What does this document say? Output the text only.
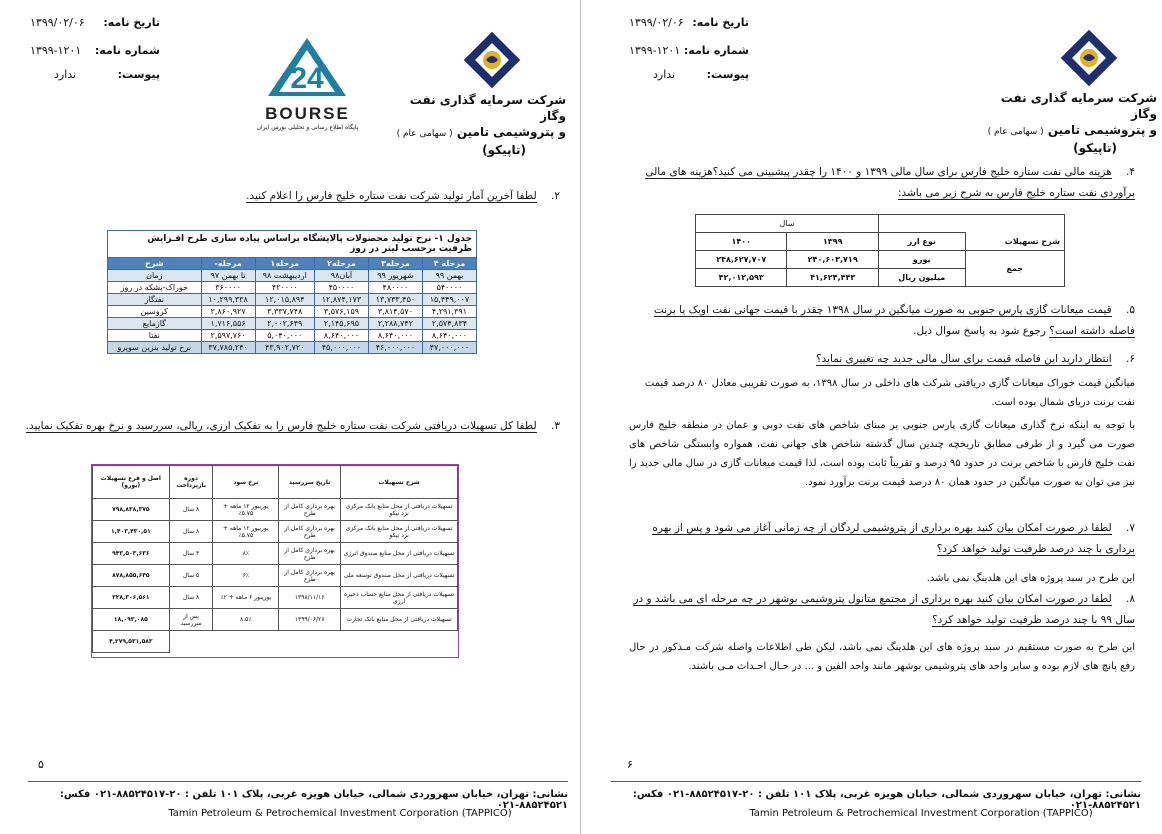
تاریخ نامه:
۱۳۹۹/۰۲/۰۶
شماره نامه:
۱۳۹۹-۱۲۰۱
پیوست:
ندارد	24
BOURSE
پایگاه اطلاع رسانی و تحلیلی بورس ایران
شرکت سرمایه گذاری نفت وگاز
و پتروشیمی تامین ( سهامی عام )
(تاپیکو)
۲. لطفا آخرین آمار تولید شرکت نفت ستاره خلیج فارس را اعلام کنید.
جدول ۱- نرخ تولید محصولات پالایشگاه براساس پیاده سازی طرح افـزایش ظرفیت برحسب لیتر در روز					
شرح	مرحله-	مرحله۱	مرحله۲	مرحله۳	مرحله ۴
زمان	تا بهمن ۹۷	اردیبهشت ۹۸	آبان۹۸	شهریور ۹۹	بهمن ۹۹
خوراک-بشکه در روز	۳۶۰۰۰۰	۴۲۰۰۰۰	۴۵۰۰۰۰	۴۸۰۰۰۰	۵۴۰۰۰۰
نفتگاز	۱۰,۲۹۹,۳۳۸	۱۲,۰۱۵,۸۹۴	۱۲,۸۷۴,۱۷۳	۱۳,۷۳۳,۴۵۰	۱۵,۴۴۹,۰۰۷
کروسین	۲,۸۶۰,۹۲۷	۳,۳۳۷,۷۴۸	۳,۵۷۶,۱۵۹	۳,۸۱۴,۵۷۰	۴,۲۹۱,۳۹۱
گازمایع	۱,۷۱۶,۵۵۶	۲,۰۰۲,۶۴۹	۲,۱۴۵,۶۹۵	۲,۲۸۸,۷۴۲	۲,۵۷۴,۸۳۴
نفتا	۲,۵۹۷,۷۶۰	۵,۰۴۰,۰۰۰	۸,۶۴۰,۰۰۰	۸,۶۴۰,۰۰۰	۸,۶۴۰,۰۰۰
نرخ تولید بنزین سوپرو	۳۷,۷۸۵,۲۴۰	۴۳,۹۰۲,۷۲۰	۴۵,۰۰۰,۰۰۰	۴۶,۰۰۰,۰۰۰	۴۷,۰۰۰,۰۰۰
۳. لطفا کل تسهیلات دریافتی شرکت نفت ستاره خلیج فارس را به تفکیک ارزی، ریالی، سررسید و نرخ بهره تفکیک نمایید.
شرح تسهیلات	تاریخ سررسید	نرخ سود	دوره بازپرداخت	اصل و فرع تسهیلات (یورو)
تسهیلات دریافتی از محل منابع بانک مرکزی نزد نیکو	بهره برداری کامل از طرح	یوریبور ۱۲ ماهه + ۵.۷۵٪	۸ سال	۷۹۸,۸۳۸,۳۷۵
تسهیلات دریافتی از محل منابع بانک مرکزی نزد نیکو	بهره برداری کامل از طرح	یوریبور ۱۲ ماهه + ۵.۷۵٪	۸ سال	۱,۴۰۳,۴۳۰,۵۱
تسهیلات دریافتی از محل منابع صندوق انرژی	بهره برداری کامل از طرح	۸٪	۳ سال	۹۴۳,۵۰۳,۶۳۶
تسهیلات دریافتی از محل صندوق توسعه ملی	بهره برداری کامل از طرح	۶٪	۵ سال	۸۷۸,۸۵۵,۶۴۵
تسهیلات دریافتی از محل منابع حساب ذخیره ارزی	۱۳۹۸/۱۱/۱۶	یوریبور ۶ ماهه + ۲٪	۸ سال	۳۲۸,۳۰۶,۵۶۱
تسهیلات دریافتی از محل منابع بانک تجارت	۱۳۹۹/۰۶/۲۸	۸.۵٪	پس از سررسید	۱۸,۰۹۳,۰۸۵
				۴,۲۷۹,۵۳۱,۵۸۳
۵
نشانی: تهران، خیابان سهروردی شمالی، خیابان هویزه غربی، پلاک ۱۰۱ تلفن : ۲۰-۸۸۵۲۴۵۱۷-۰۲۱ فکس: ۸۸۵۲۴۵۲۱-۰۲۱
Tamin Petroleum & Petrochemical Investment Corporation (TAPPICO)
تاریخ نامه:
۱۳۹۹/۰۲/۰۶
شماره نامه:
۱۳۹۹-۱۲۰۱
پیوست:
ندارد
شرکت سرمایه گذاری نفت وگاز
و پتروشیمی تامین ( سهامی عام )
(تاپیکو)
۴. هزینه مالی نفت ستاره خلیج فارس برای سال مالی ۱۳۹۹ و ۱۴۰۰ را چقدر پیشبینی می کنید؟هزینه های مالی برآوردی نفت ستاره خلیج فارس به شرح زیر می باشد:
		سال	
شرح تسهیلات	نوع ارز	۱۳۹۹	۱۴۰۰
جمع	یورو	۲۴۰,۶۰۳,۷۱۹	۲۴۸,۶۲۷,۷۰۷
	میلیون ریال	۴۱,۶۲۴,۴۴۳	۴۲,۰۱۲,۵۹۳
۵. قیمت میعانات گازی پارس جنوبی به صورت میانگین در سال ۱۳۹۸ چقدر با قیمت جهانی نفت اویک یا برنت فاصله داشته است؟ رجوع شود به پاسخ سوال ذیل.
۶. انتظار دارید این فاصله قیمت برای سال مالی جدید چه تغییری نماید؟
میانگین قیمت خوراک میعانات گازی دریافتی شرکت های داخلی در سال ۱۳۹۸، به صورت تقریبی معادل ۸۰ درصد قیمت نفت برنت دریای شمال بوده است.
با توجه به اینکه نرخ گذاری میعانات گازی پارس جنوبی بر مبنای شاخص های نفت دوبی و عمان در منطقه خلیج فارس صورت می گیرد و از طرفی مطابق تاریخچه چندین سال گذشته شاخص های جهانی نفت، همواره وابستگی شاخص های نفت خلیج فارس با شاخص برنت در حدود ۹۵ درصد و تقریباً ثابت بوده است، لذا قیمت میعانات گازی در سال مالی جدید را نیز می توان به صورت میانگین در حدود همان ۸۰ درصد قیمت برنت برآورد نمود.
۷. لطفا در صورت امکان بیان کنید بهره برداری از پتروشیمی لردگان از چه زمانی آغاز می شود و پس از بهره برداری با چند درصد ظرفیت تولید خواهد کرد؟
این طرح در سبد پروژه های این هلدینگ نمی باشد.
۸. لطفا در صورت امکان بیان کنید بهره برداری از مجتمع متانول پتروشیمی بوشهر در چه مرحله ای می باشد و در سال ۹۹ با چند درصد ظرفیت تولید خواهد کرد؟
این طرح به صورت مستقیم در سبد پروژه های این هلدینگ نمی باشد، لیکن طی اطلاعات واصله شرکت مـذکور در حال رفع پانچ های لازم بوده و سایر واحد های پتروشیمی بوشهر مانند واحد الفین و ... در حـال احـداث مـی باشند.
۶
نشانی: تهران، خیابان سهروردی شمالی، خیابان هویزه غربی، پلاک ۱۰۱ تلفن : ۲۰-۸۸۵۲۴۵۱۷-۰۲۱ فکس: ۸۸۵۲۴۵۲۱-۰۲۱
Tamin Petroleum & Petrochemical Investment Corporation (TAPPICO)
